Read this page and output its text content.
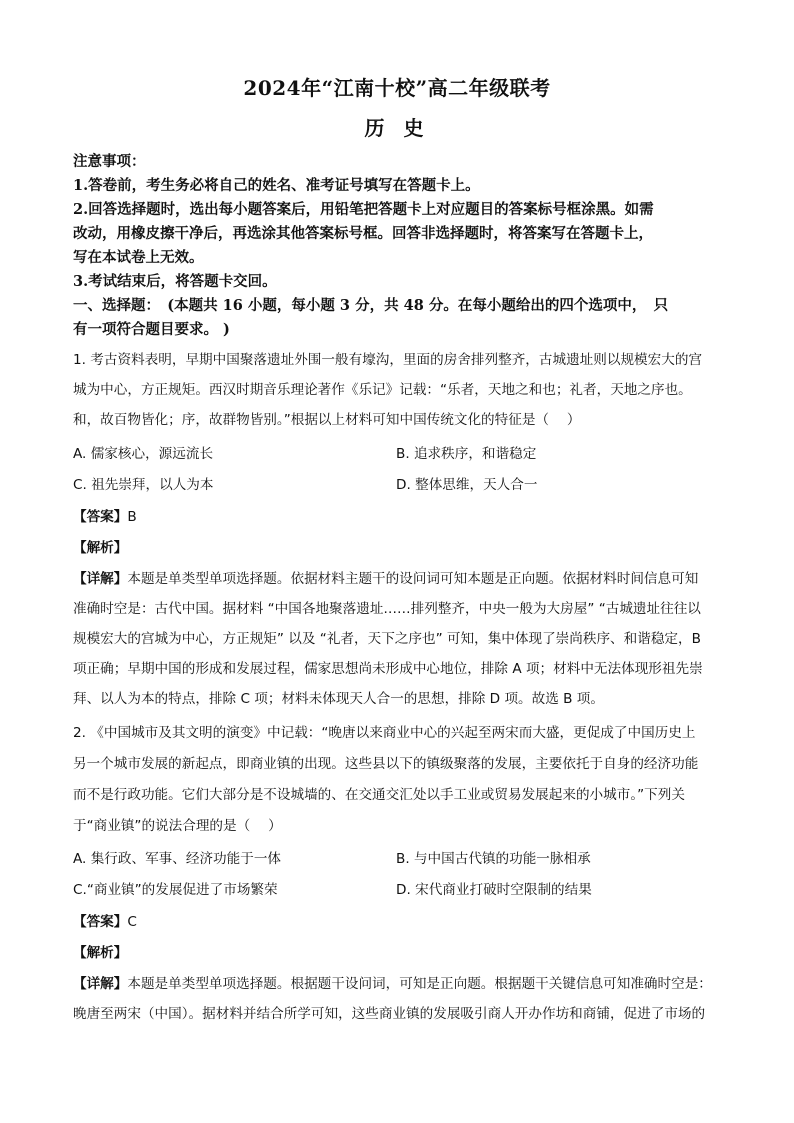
2024年“江南十校”高二年级联考
历 史
注意事项：
1.答卷前，考生务必将自己的姓名、准考证号填写在答题卡上。
2.回答选择题时，选出每小题答案后，用铅笔把答题卡上对应题目的答案标号框涂黑。如需
改动，用橡皮擦干净后，再选涂其他答案标号框。回答非选择题时，将答案写在答题卡上，
写在本试卷上无效。
3.考试结束后，将答题卡交回。
一、选择题：　(本题共 16 小题，每小题 3 分，共 48 分。在每小题给出的四个选项中，　只
有一项符合题目要求。 )
1. 考古资料表明，早期中国聚落遗址外围一般有壕沟，里面的房舍排列整齐，古城遗址则以规模宏大的宫
城为中心，方正规矩。西汉时期音乐理论著作《乐记》记载：“乐者，天地之和也；礼者，天地之序也。
和，故百物皆化；序，故群物皆别。”根据以上材料可知中国传统文化的特征是（　 ）
A. 儒家核心，源远流长	B. 追求秩序，和谐稳定
C. 祖先崇拜，以人为本	D. 整体思维，天人合一
【答案】B
【解析】
【详解】本题是单类型单项选择题。依据材料主题干的设问词可知本题是正向题。依据材料时间信息可知
准确时空是：古代中国。据材料 “中国各地聚落遗址……排列整齐，中央一般为大房屋” “古城遗址往往以
规模宏大的宫城为中心，方正规矩” 以及 “礼者，天下之序也” 可知，集中体现了崇尚秩序、和谐稳定，B
项正确；早期中国的形成和发展过程，儒家思想尚未形成中心地位，排除 A 项；材料中无法体现形祖先崇
拜、以人为本的特点，排除 C 项；材料未体现天人合一的思想，排除 D 项。故选 B 项。
2. 《中国城市及其文明的演变》中记载：“晚唐以来商业中心的兴起至两宋而大盛，更促成了中国历史上
另一个城市发展的新起点，即商业镇的出现。这些县以下的镇级聚落的发展，主要依托于自身的经济功能
而不是行政功能。它们大部分是不设城墙的、在交通交汇处以手工业或贸易发展起来的小城市。”下列关
于“商业镇”的说法合理的是（　 ）
A. 集行政、军事、经济功能于一体	B. 与中国古代镇的功能一脉相承
C.“商业镇”的发展促进了市场繁荣	D. 宋代商业打破时空限制的结果
【答案】C
【解析】
【详解】本题是单类型单项选择题。根据题干设问词，可知是正向题。根据题干关键信息可知准确时空是：
晚唐至两宋（中国）。据材料并结合所学可知，这些商业镇的发展吸引商人开办作坊和商铺，促进了市场的
